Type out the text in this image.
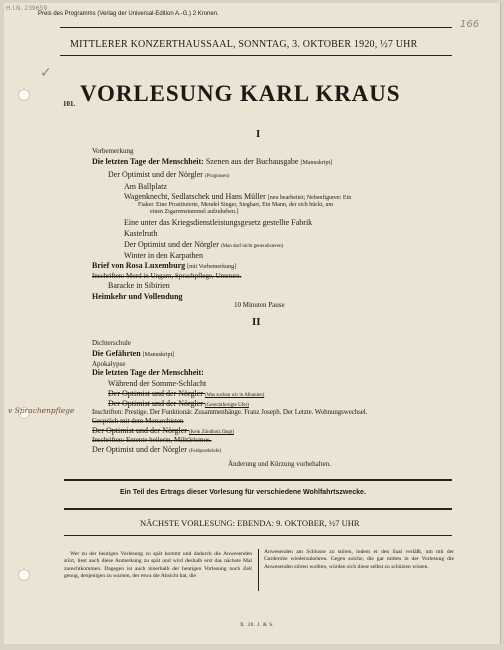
H.I.N. 239659
166
Preis des Programms (Verlag der Universal-Edition A.-G.) 2 Kronen.
MITTLERER KONZERTHAUSSAAL, SONNTAG, 3. OKTOBER 1920, ½7 UHR
✓
101. VORLESUNG KARL KRAUS
I
Vorbemerkung
Die letzten Tage der Menschheit: Szenen aus der Buchausgabe [Manuskript]
Der Optimist und der Nörgler (Prognosen)
Am Ballplatz
Wagenknecht, Sedlatschek und Hans Müller [neu bearbeitet; Nebenfiguren: Ein
Fiaker. Eine Prostituierte, Mendel Singer, Sieghart, Ein Mann, der sich bückt, um
einen Zigarrenstummel aufzuheben.]
Eine unter das Kriegsdienstleistungsgesetz gestellte Fabrik
Kastelruth
Der Optimist und der Nörgler (Man darf nicht generalisieren)
Winter in den Karpathen
Brief von Rosa Luxemburg [mit Vorbemerkung]
Inschriften: Mord in Ungarn, Sprachpflege, Umsturz.
Baracke in Sibirien
Heimkehr und Vollendung
10 Minuten Pause
II
Dichterschule
Die Gefährten [Manuskript]
Apokalypse
Die letzten Tage der Menschheit:
Während der Somme-Schlacht
Der Optimist und der Nörgler (Was suchen wir in Albanien)
Der Optimist und der Nörgler (Gerechtfertigte Ufer)
v Sprachenpflege	Inschriften: Prestige. Der Funktionär. Zusammenhänge. Franz Joseph. Der Letzte. Wohnungswechsel.
Gespräch mit dem Monarchisten
Der Optimist und der Nörgler (Kein Zündholz fängt)
Inschriften: Entente heilerin, Militärismus.
Der Optimist und der Nörgler (Feldpostbriefe)
Änderung und Kürzung vorbehalten.
Ein Teil des Ertrags dieser Vorlesung für verschiedene Wohlfahrtszwecke.
NÄCHSTE VORLESUNG: EBENDA: 9. OKTOBER, ½7 UHR
Wer zu der heutigen Vorlesung zu spät kommt und dadurch die Anwesenden stört, liest auch diese Anmerkung zu spät und wird deshalb erst das nächste Mal zurechtkommen. Dagegen ist auch innerhalb der heutigen Vorlesung noch Zeit genug, denjenigen zu warnen, der etwa die Absicht hat, die
Anwesenden am Schlusse zu stören, indem er den Saal verläßt, um mit der Garderobe wiederzukehren. Gegen solche, die gar mitten in der Vorlesung die Anwesenden stören wollten, würden sich diese selbst zu schützen wissen.
X. 20. J. & S.
